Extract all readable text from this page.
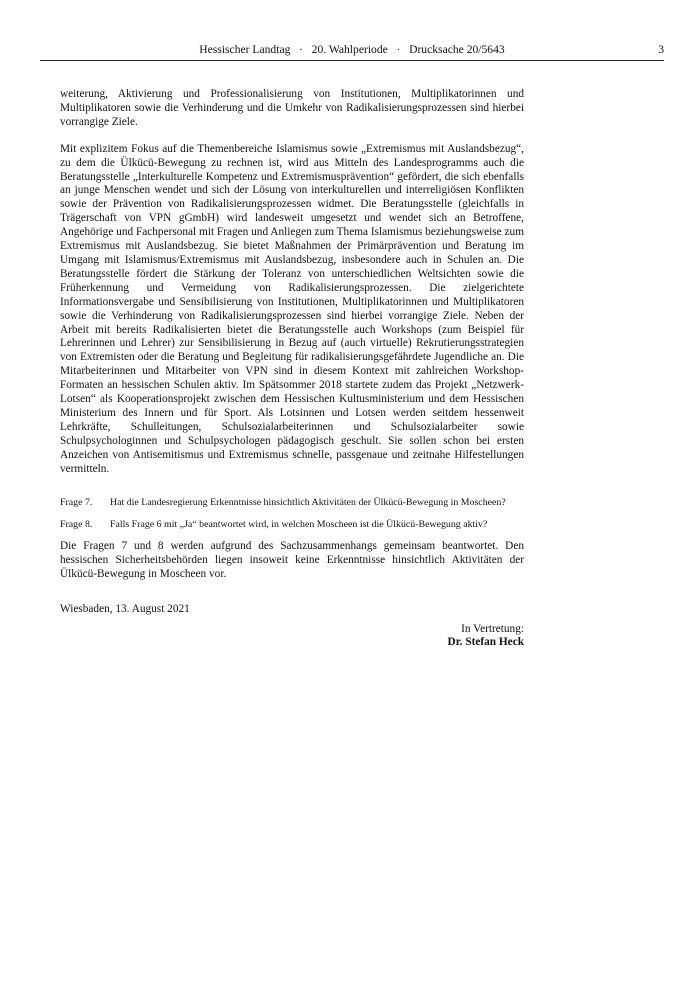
Hessischer Landtag · 20. Wahlperiode · Drucksache 20/5643	3

weiterung, Aktivierung und Professionalisierung von Institutionen, Multiplikatorinnen und Multiplikatoren sowie die Verhinderung und die Umkehr von Radikalisierungsprozessen sind hierbei vorrangige Ziele.

Mit explizitem Fokus auf die Themenbereiche Islamismus sowie „Extremismus mit Auslandsbezug“, zu dem die Ülkücü-Bewegung zu rechnen ist, wird aus Mitteln des Landesprogramms auch die Beratungsstelle „Interkulturelle Kompetenz und Extremismusprävention“ gefördert, die sich ebenfalls an junge Menschen wendet und sich der Lösung von interkulturellen und interreligiösen Konflikten sowie der Prävention von Radikalisierungsprozessen widmet. Die Beratungsstelle (gleichfalls in Trägerschaft von VPN gGmbH) wird landesweit umgesetzt und wendet sich an Betroffene, Angehörige und Fachpersonal mit Fragen und Anliegen zum Thema Islamismus beziehungsweise zum Extremismus mit Auslandsbezug. Sie bietet Maßnahmen der Primärprävention und Beratung im Umgang mit Islamismus/Extremismus mit Auslandsbezug, insbesondere auch in Schulen an. Die Beratungsstelle fördert die Stärkung der Toleranz von unterschiedlichen Weltsichten sowie die Früherkennung und Vermeidung von Radikalisierungsprozessen. Die zielgerichtete Informationsvergabe und Sensibilisierung von Institutionen, Multiplikatorinnen und Multiplikatoren sowie die Verhinderung von Radikalisierungsprozessen sind hierbei vorrangige Ziele. Neben der Arbeit mit bereits Radikalisierten bietet die Beratungsstelle auch Workshops (zum Beispiel für Lehrerinnen und Lehrer) zur Sensibilisierung in Bezug auf (auch virtuelle) Rekrutierungsstrategien von Extremisten oder die Beratung und Begleitung für radikalisierungsgefährdete Jugendliche an. Die Mitarbeiterinnen und Mitarbeiter von VPN sind in diesem Kontext mit zahlreichen Workshop-Formaten an hessischen Schulen aktiv. Im Spätsommer 2018 startete zudem das Projekt „Netzwerk-Lotsen“ als Kooperationsprojekt zwischen dem Hessischen Kultusministerium und dem Hessischen Ministerium des Innern und für Sport. Als Lotsinnen und Lotsen werden seitdem hessenweit Lehrkräfte, Schulleitungen, Schulsozialarbeiterinnen und Schulsozialarbeiter sowie Schulpsychologinnen und Schulpsychologen pädagogisch geschult. Sie sollen schon bei ersten Anzeichen von Antisemitismus und Extremismus schnelle, passgenaue und zeitnahe Hilfestellungen vermitteln.

Frage 7.	Hat die Landesregierung Erkenntnisse hinsichtlich Aktivitäten der Ülkücü-Bewegung in Moscheen?
Frage 8.	Falls Frage 6 mit „Ja“ beantwortet wird, in welchen Moscheen ist die Ülkücü-Bewegung aktiv?

Die Fragen 7 und 8 werden aufgrund des Sachzusammenhangs gemeinsam beantwortet. Den hessischen Sicherheitsbehörden liegen insoweit keine Erkenntnisse hinsichtlich Aktivitäten der Ülkücü-Bewegung in Moscheen vor.

Wiesbaden, 13. August 2021
In Vertretung:
Dr. Stefan Heck
